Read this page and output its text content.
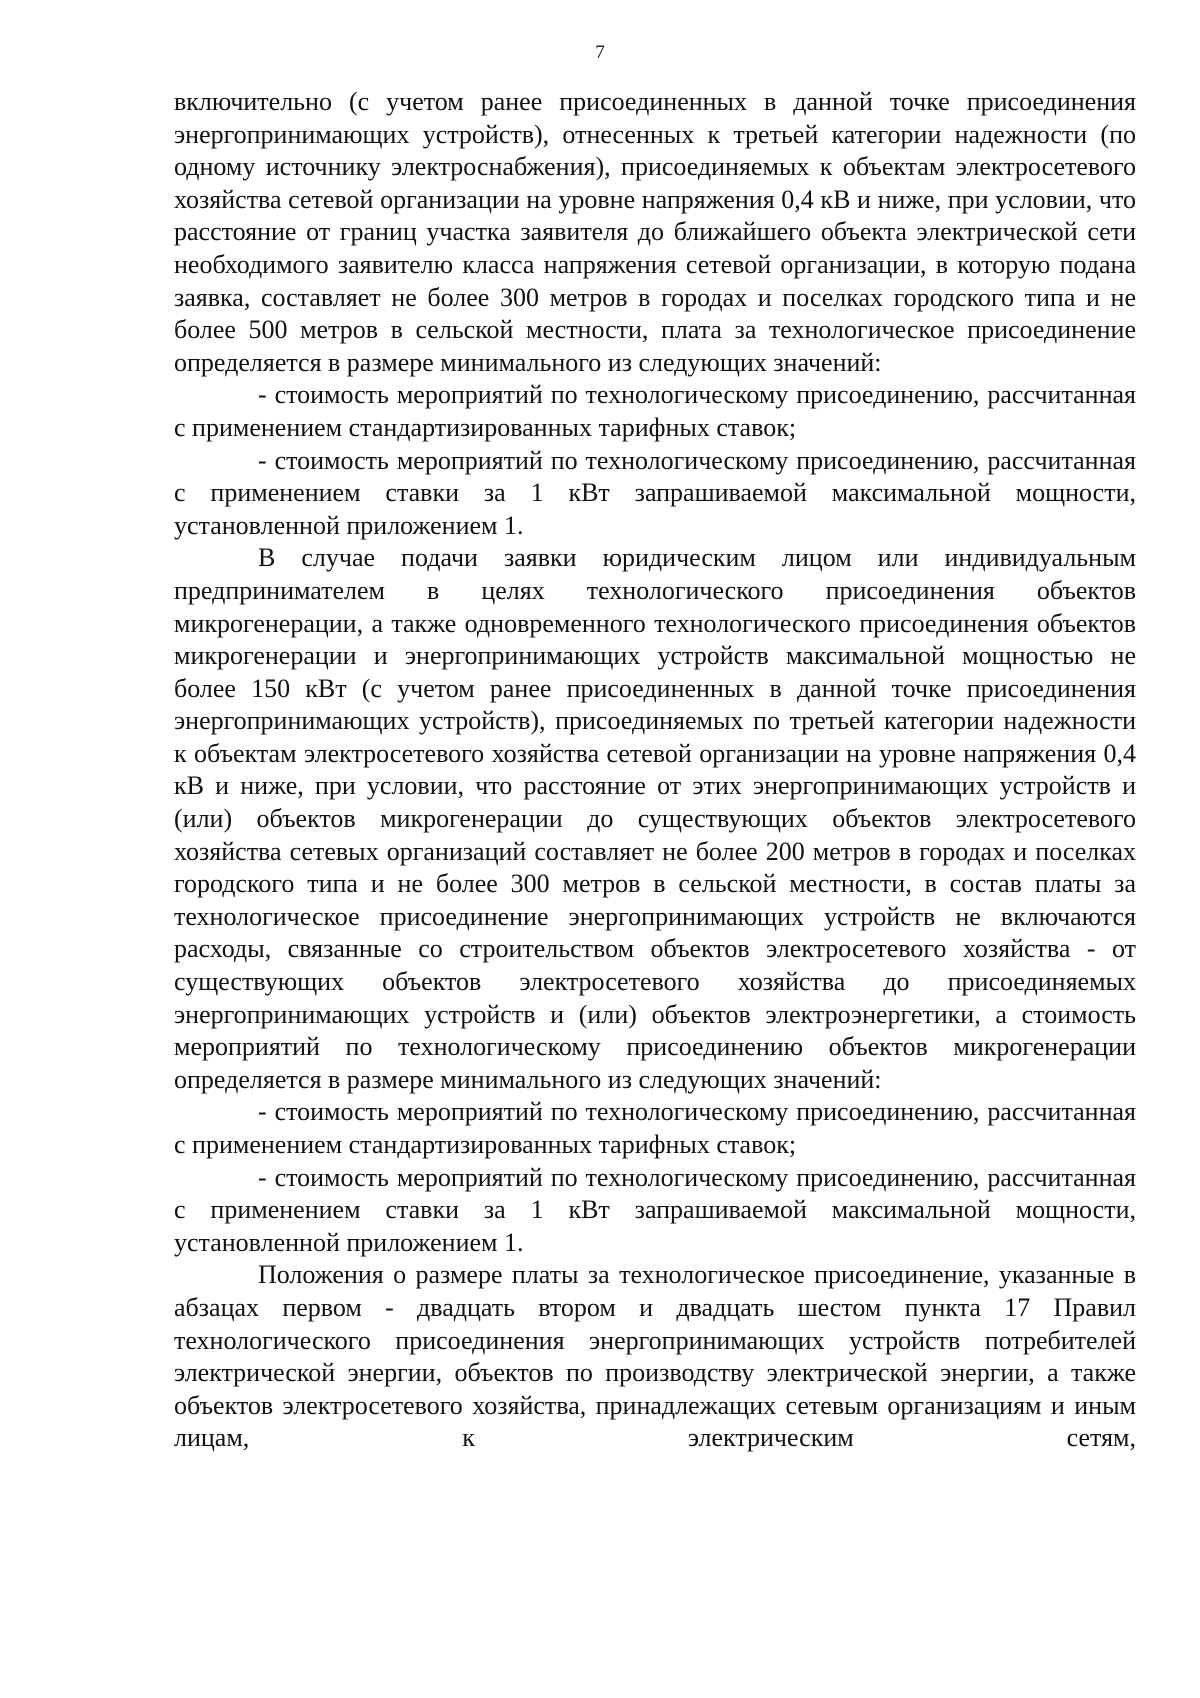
7

включительно (с учетом ранее присоединенных в данной точке присоединения энергопринимающих устройств), отнесенных к третьей категории надежности (по одному источнику электроснабжения), присоединяемых к объектам электросетевого хозяйства сетевой организации на уровне напряжения 0,4 кВ и ниже, при условии, что расстояние от границ участка заявителя до ближайшего объекта электрической сети необходимого заявителю класса напряжения сетевой организации, в которую подана заявка, составляет не более 300 метров в городах и поселках городского типа и не более 500 метров в сельской местности, плата за технологическое присоединение определяется в размере минимального из следующих значений:

- стоимость мероприятий по технологическому присоединению, рассчитанная с применением стандартизированных тарифных ставок;

- стоимость мероприятий по технологическому присоединению, рассчитанная с применением ставки за 1 кВт запрашиваемой максимальной мощности, установленной приложением 1.

В случае подачи заявки юридическим лицом или индивидуальным предпринимателем в целях технологического присоединения объектов микрогенерации, а также одновременного технологического присоединения объектов микрогенерации и энергопринимающих устройств максимальной мощностью не более 150 кВт (с учетом ранее присоединенных в данной точке присоединения энергопринимающих устройств), присоединяемых по третьей категории надежности к объектам электросетевого хозяйства сетевой организации на уровне напряжения 0,4 кВ и ниже, при условии, что расстояние от этих энергопринимающих устройств и (или) объектов микрогенерации до существующих объектов электросетевого хозяйства сетевых организаций составляет не более 200 метров в городах и поселках городского типа и не более 300 метров в сельской местности, в состав платы за технологическое присоединение энергопринимающих устройств не включаются расходы, связанные со строительством объектов электросетевого хозяйства - от существующих объектов электросетевого хозяйства до присоединяемых энергопринимающих устройств и (или) объектов электроэнергетики, а стоимость мероприятий по технологическому присоединению объектов микрогенерации определяется в размере минимального из следующих значений:

- стоимость мероприятий по технологическому присоединению, рассчитанная с применением стандартизированных тарифных ставок;

- стоимость мероприятий по технологическому присоединению, рассчитанная с применением ставки за 1 кВт запрашиваемой максимальной мощности, установленной приложением 1.

Положения о размере платы за технологическое присоединение, указанные в абзацах первом - двадцать втором и двадцать шестом пункта 17 Правил технологического присоединения энергопринимающих устройств потребителей электрической энергии, объектов по производству электрической энергии, а также объектов электросетевого хозяйства, принадлежащих сетевым организациям и иным лицам, к электрическим сетям,
